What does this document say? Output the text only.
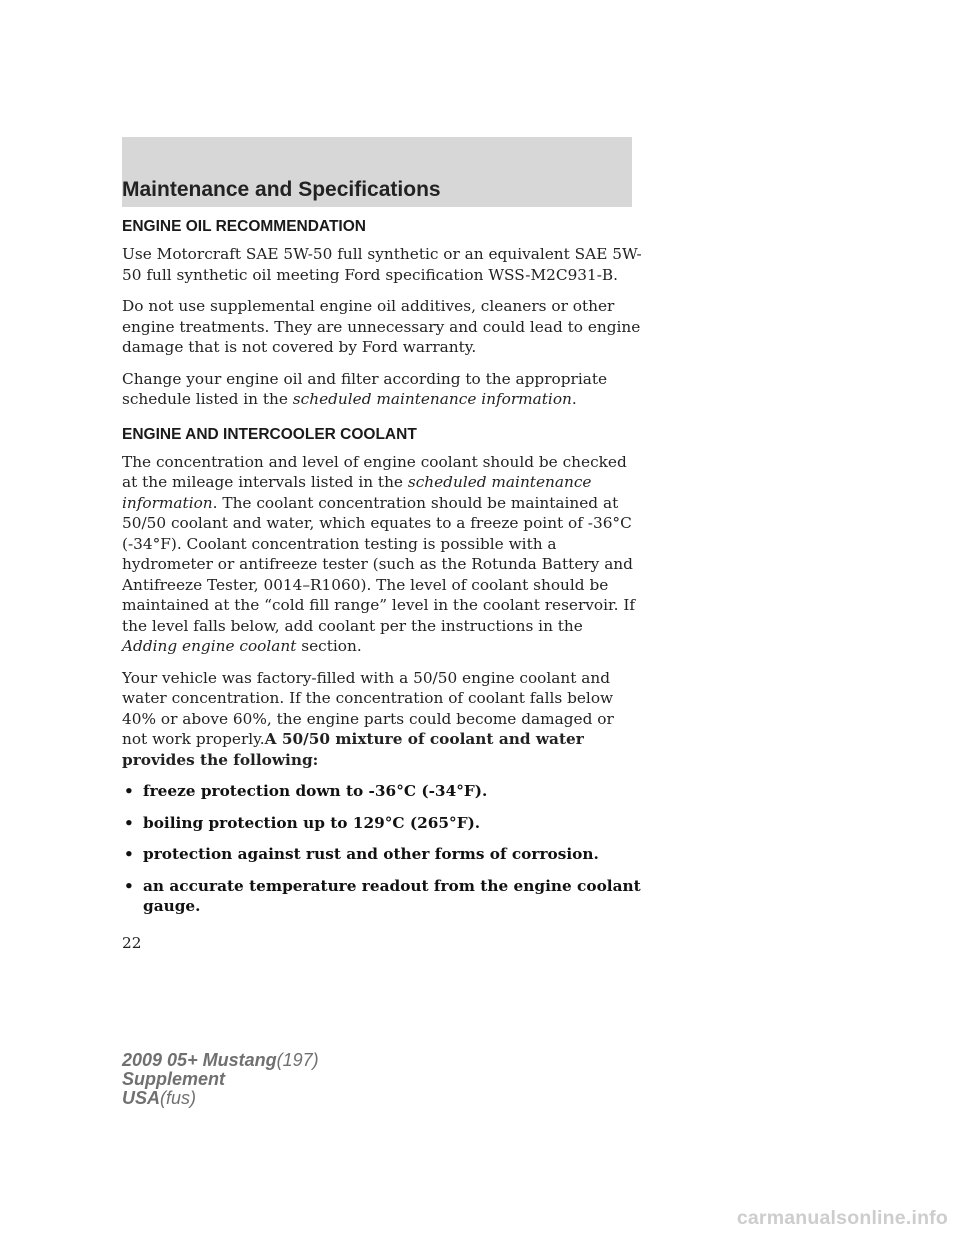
Maintenance and Specifications
ENGINE OIL RECOMMENDATION

Use Motorcraft SAE 5W-50 full synthetic or an equivalent SAE 5W-50 full synthetic oil meeting Ford specification WSS-M2C931-B.

Do not use supplemental engine oil additives, cleaners or other engine treatments. They are unnecessary and could lead to engine damage that is not covered by Ford warranty.

Change your engine oil and filter according to the appropriate schedule listed in the scheduled maintenance information.

ENGINE AND INTERCOOLER COOLANT

The concentration and level of engine coolant should be checked at the mileage intervals listed in the scheduled maintenance information. The coolant concentration should be maintained at 50/50 coolant and water, which equates to a freeze point of -36°C (-34°F). Coolant concentration testing is possible with a hydrometer or antifreeze tester (such as the Rotunda Battery and Antifreeze Tester, 0014–R1060). The level of coolant should be maintained at the “cold fill range” level in the coolant reservoir. If the level falls below, add coolant per the instructions in the Adding engine coolant section.

Your vehicle was factory-filled with a 50/50 engine coolant and water concentration. If the concentration of coolant falls below 40% or above 60%, the engine parts could become damaged or not work properly.A 50/50 mixture of coolant and water provides the following:

• freeze protection down to -36°C (-34°F).
• boiling protection up to 129°C (265°F).
• protection against rust and other forms of corrosion.
• an accurate temperature readout from the engine coolant gauge.
22
2009 05+ Mustang(197)
Supplement
USA(fus)
carmanualsonline.info
